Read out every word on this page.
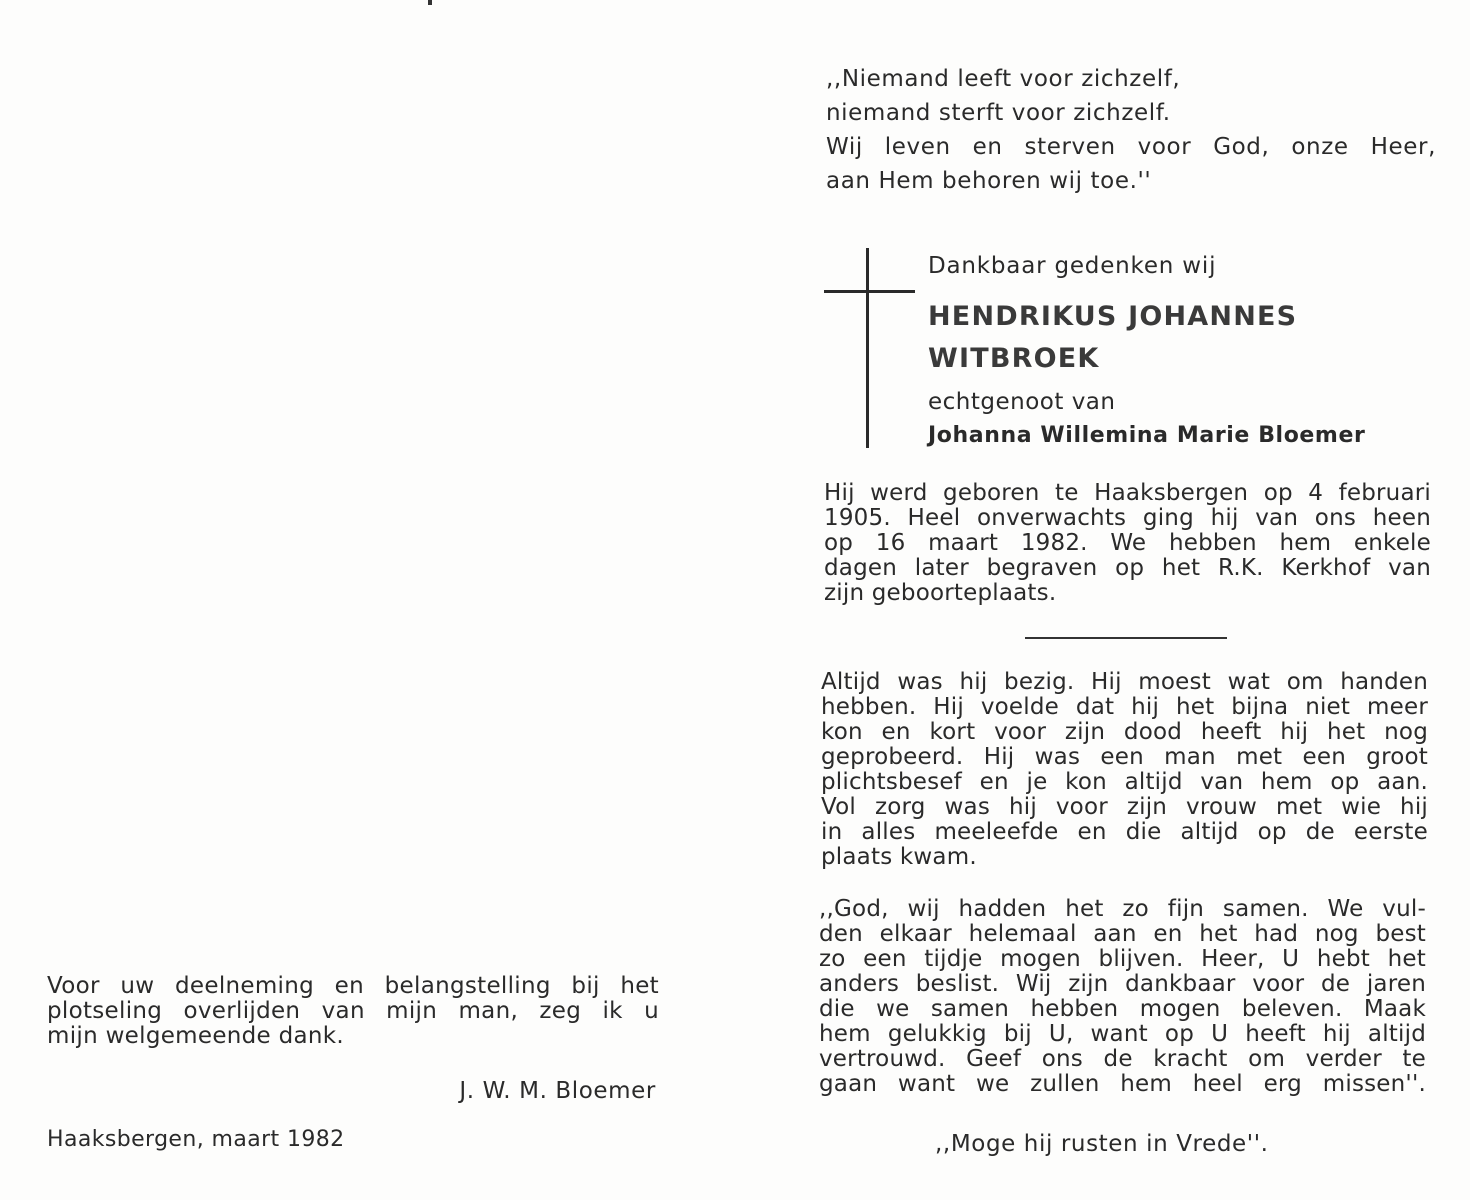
Voor uw deelneming en belangstelling bij het
plotseling overlijden van mijn man, zeg ik u
mijn welgemeende dank.
J. W. M. Bloemer
Haaksbergen, maart 1982
,,Niemand leeft voor zichzelf,
niemand sterft voor zichzelf.
Wij leven en sterven voor God, onze Heer,
aan Hem behoren wij toe.''
Dankbaar gedenken wij
HENDRIKUS JOHANNES
WITBROEK
echtgenoot van
Johanna Willemina Marie Bloemer
Hij werd geboren te Haaksbergen op 4 februari
1905. Heel onverwachts ging hij van ons heen
op 16 maart 1982. We hebben hem enkele
dagen later begraven op het R.K. Kerkhof van
zijn geboorteplaats.
Altijd was hij bezig. Hij moest wat om handen
hebben. Hij voelde dat hij het bijna niet meer
kon en kort voor zijn dood heeft hij het nog
geprobeerd. Hij was een man met een groot
plichtsbesef en je kon altijd van hem op aan.
Vol zorg was hij voor zijn vrouw met wie hij
in alles meeleefde en die altijd op de eerste
plaats kwam.
,,God, wij hadden het zo fijn samen. We vul-
den elkaar helemaal aan en het had nog best
zo een tijdje mogen blijven. Heer, U hebt het
anders beslist. Wij zijn dankbaar voor de jaren
die we samen hebben mogen beleven. Maak
hem gelukkig bij U, want op U heeft hij altijd
vertrouwd. Geef ons de kracht om verder te
gaan want we zullen hem heel erg missen''.
,,Moge hij rusten in Vrede''.
